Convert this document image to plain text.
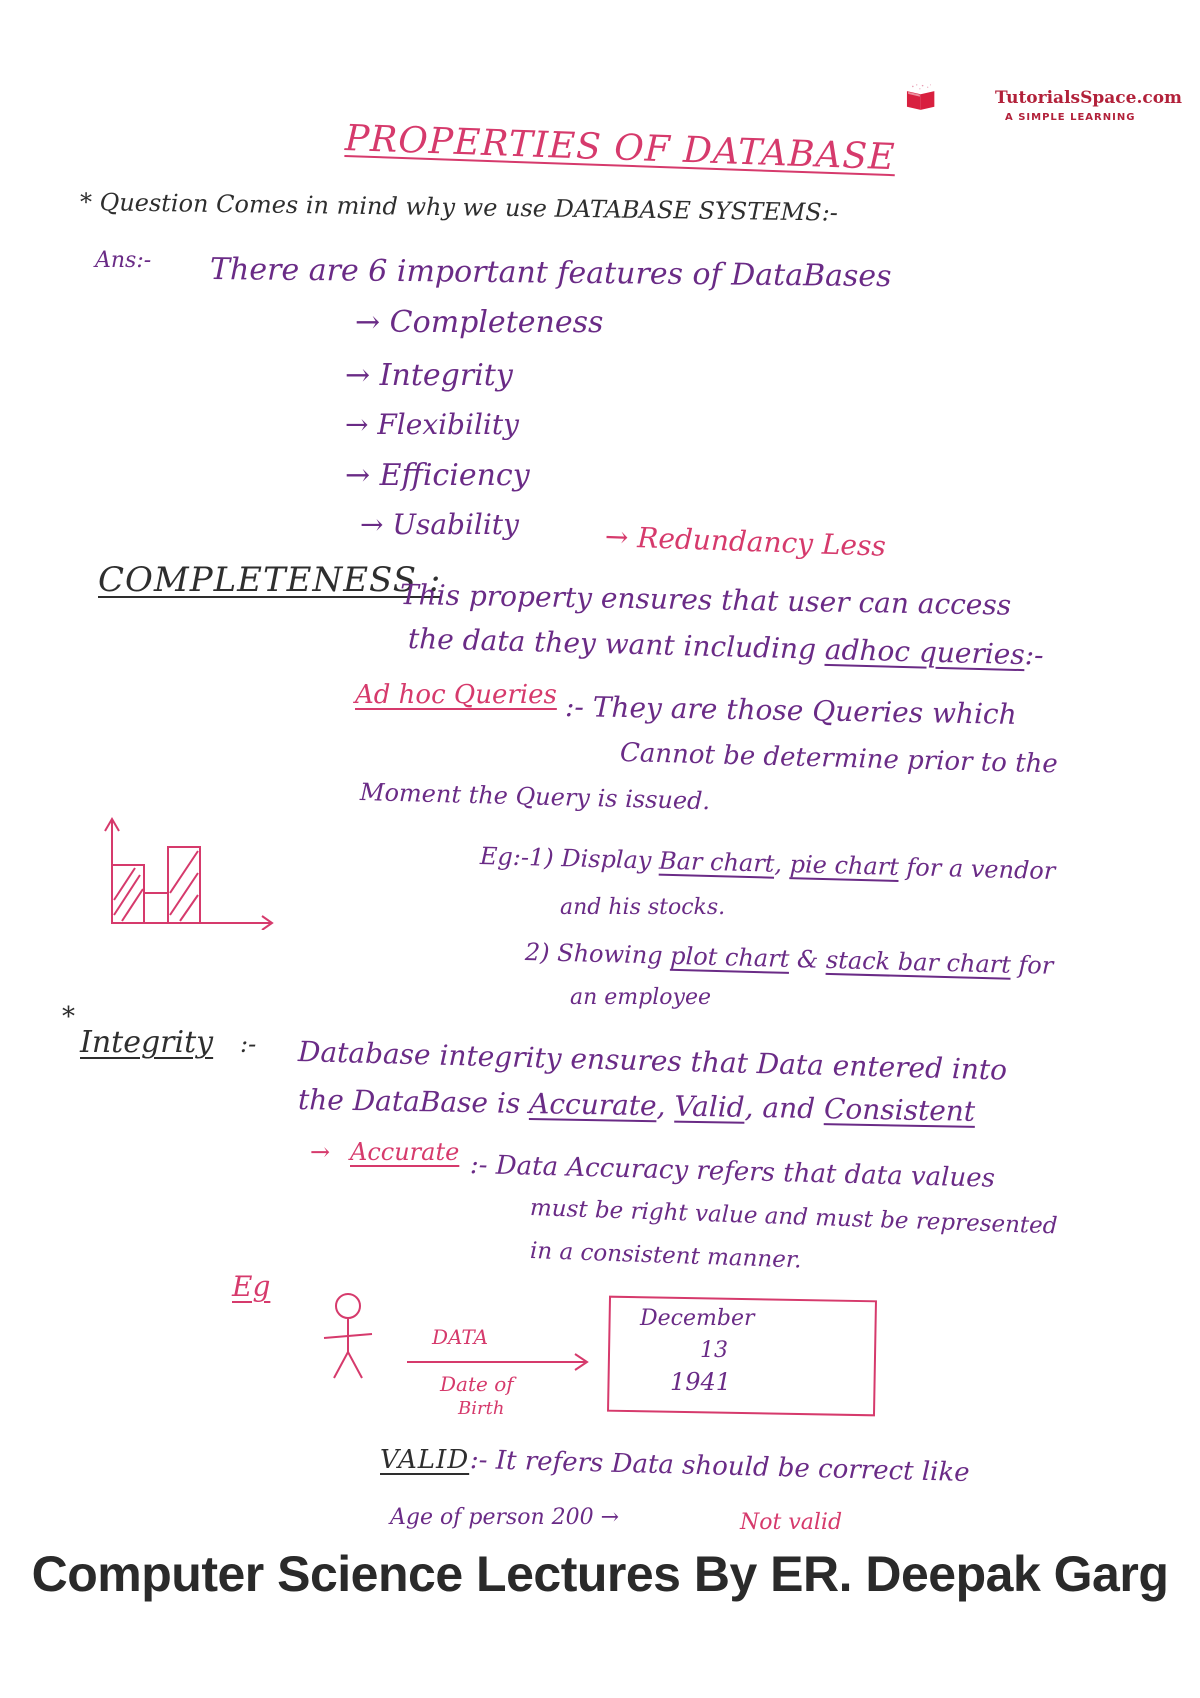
TutorialsSpace.com
A SIMPLE LEARNING
PROPERTIES OF DATABASE
* Question Comes in mind why we use DATABASE SYSTEMS:-
Ans:- There are 6 important features of DataBases
→ Completeness
→ Integrity
→ Flexibility
→ Efficiency
→ Usability	→ Redundancy Less
COMPLETENESS :
This property ensures that user can access
the data they want including adhoc queries:-
Ad hoc Queries :- They are those Queries which
Cannot be determine prior to the
Moment the Query is issued.
Eg:-1) Display Bar chart, pie chart for a vendor
and his stocks.
2) Showing plot chart & stack bar chart for
an employee
*
Integrity :- Database integrity ensures that Data entered into
the DataBase is Accurate, Valid, and Consistent
→ Accurate :- Data Accuracy refers that data values
must be right value and must be represented
in a consistent manner.
Eg
DATA
Date of
Birth
December
13
1941
VALID :- It refers Data should be correct like
Age of person 200 →	Not valid
Computer Science Lectures By ER. Deepak Garg
